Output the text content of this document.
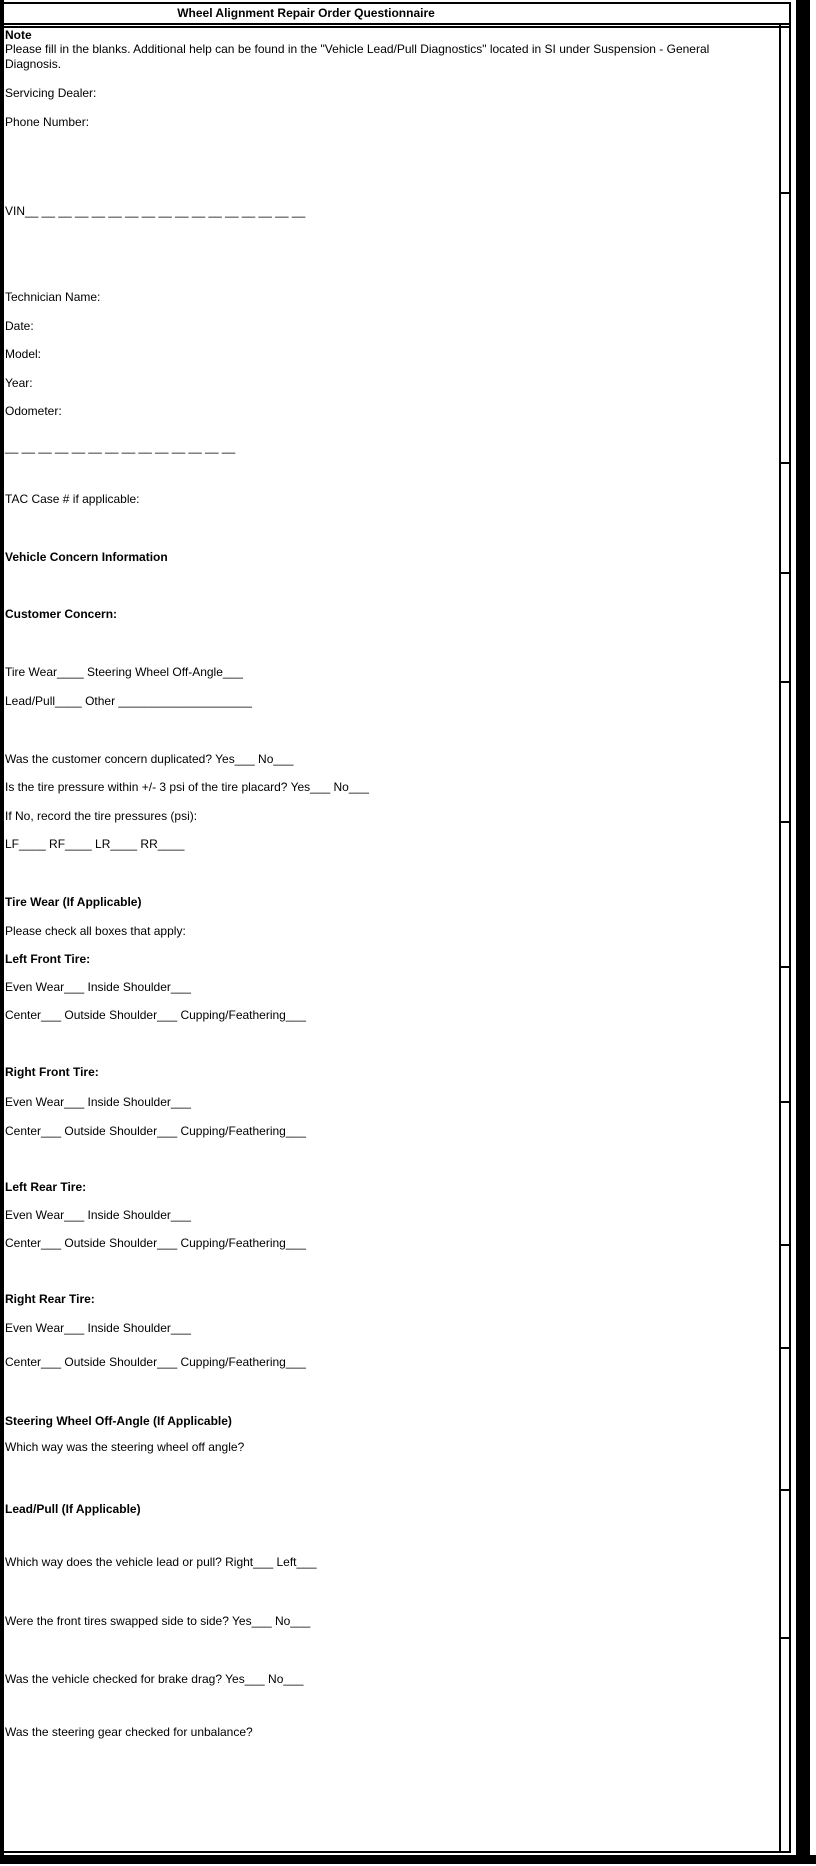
Wheel Alignment Repair Order Questionnaire
Note
Please fill in the blanks. Additional help can be found in the "Vehicle Lead/Pull Diagnostics" located in SI under Suspension - General
Diagnosis.
Servicing Dealer:
Phone Number:
VIN__ __ __ __ __ __ __ __ __ __ __ __ __ __ __ __ __
Technician Name:
Date:
Model:
Year:
Odometer:
__ __ __ __ __ __ __ __ __ __ __ __ __ __
TAC Case # if applicable:
Vehicle Concern Information
Customer Concern:
Tire Wear____ Steering Wheel Off-Angle___
Lead/Pull____ Other ____________________
Was the customer concern duplicated? Yes___ No___
Is the tire pressure within +/- 3 psi of the tire placard? Yes___ No___
If No, record the tire pressures (psi):
LF____ RF____ LR____ RR____
Tire Wear (If Applicable)
Please check all boxes that apply:
Left Front Tire:
Even Wear___ Inside Shoulder___
Center___ Outside Shoulder___ Cupping/Feathering___
Right Front Tire:
Even Wear___ Inside Shoulder___
Center___ Outside Shoulder___ Cupping/Feathering___
Left Rear Tire:
Even Wear___ Inside Shoulder___
Center___ Outside Shoulder___ Cupping/Feathering___
Right Rear Tire:
Even Wear___ Inside Shoulder___
Center___ Outside Shoulder___ Cupping/Feathering___
Steering Wheel Off-Angle (If Applicable)
Which way was the steering wheel off angle?
Lead/Pull (If Applicable)
Which way does the vehicle lead or pull? Right___ Left___
Were the front tires swapped side to side? Yes___ No___
Was the vehicle checked for brake drag? Yes___ No___
Was the steering gear checked for unbalance?
